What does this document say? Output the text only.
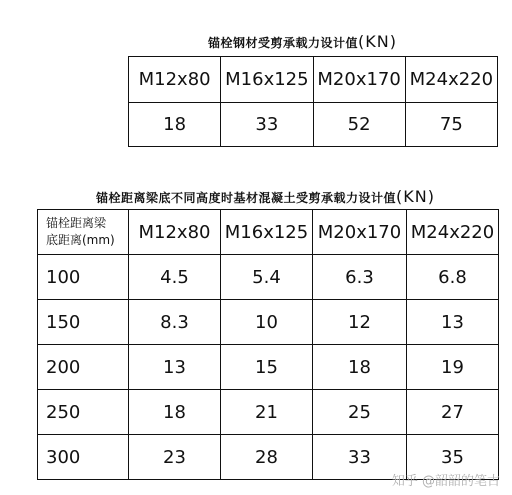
锚栓钢材受剪承载力设计值(KN)
M12x80	M16x125	M20x170	M24x220
18	33	52	75
锚栓距离梁底不同高度时基材混凝土受剪承载力设计值(KN)
锚栓距离梁
底距离(mm)	M12x80	M16x125	M20x170	M24x220
100	4.5	5.4	6.3	6.8
150	8.3	10	12	13
200	13	15	18	19
250	18	21	25	27
300	23	28	33	35
知乎 @韶韶的笔古
